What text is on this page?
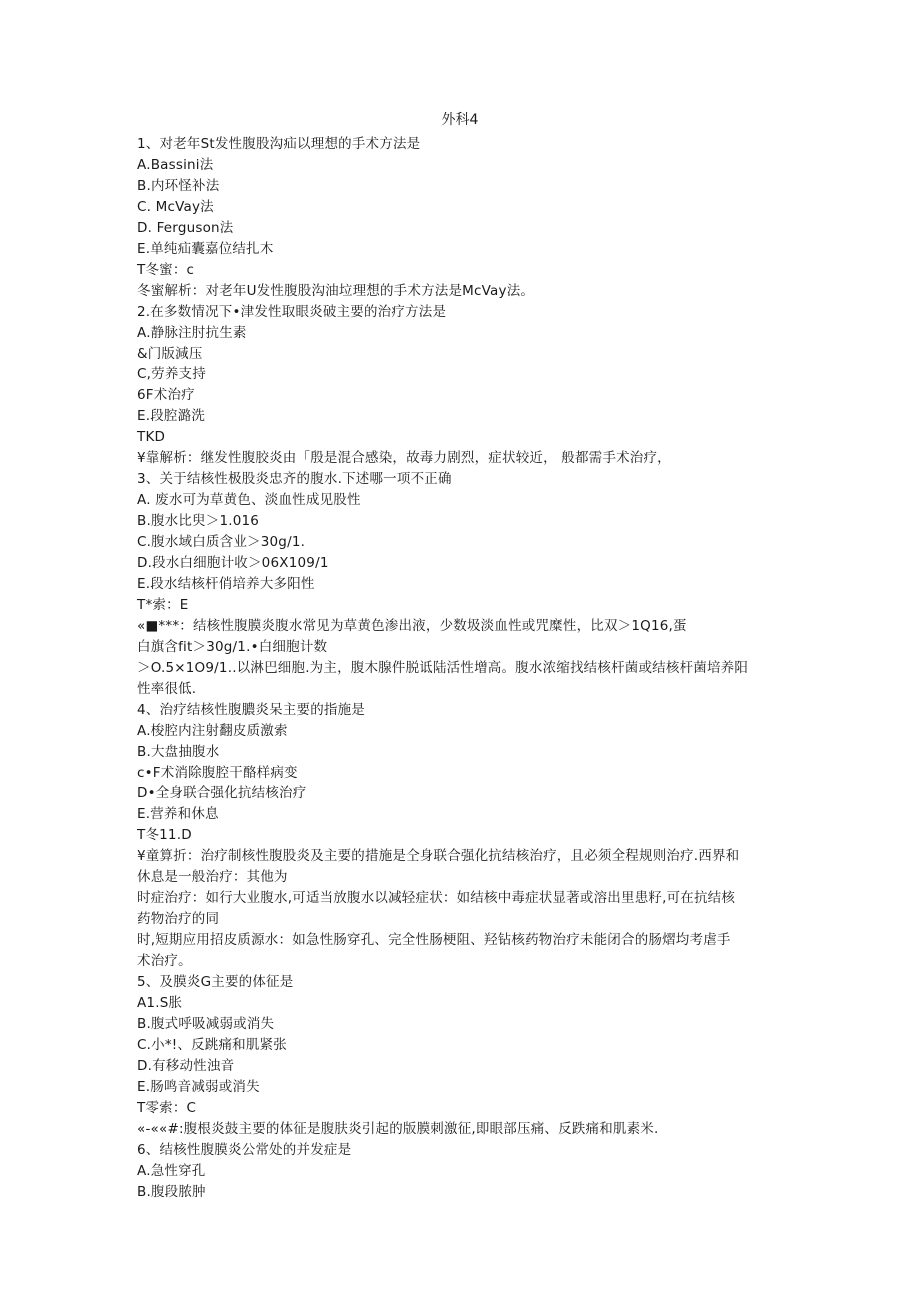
外科4
1、对老年St发性腹股沟疝以理想的手术方法是
A.Bassini法
B.内环怪补法
C. McVay法
D. Ferguson法
E.单纯疝囊嘉位结扎木
T冬蜜：c
冬蜜解析：对老年U发性腹股沟油垃理想的手术方法是McVay法。
2.在多数情况下•津发性取眼炎破主要的治疗方法是
A.静脉注肘抗生素
&门版減压
C,劳养支持
6F术治疗
E.段腔潞洗
TKD
¥靠解析：继发性腹胶炎由「殷是混合感染，故毒力剧烈，症状较近， 般都需手术治疗，
3、关于结核性极股炎忠齐的腹水.下述哪一项不正确
A. 废水可为草黄色、淡血性成见股性
B.腹水比臾＞1.016
C.腹水域白质含业＞30g∕1.
D.段水白细胞计收＞06X109/1
E.段水结核杆俏培养大多阳性
T*索：E
«■***：结核性腹膜炎腹水常见为草黄色渗出液，少数圾淡血性或咒糜性，比双＞1Q16,蛋
白旗含fit＞30g∕1.•白细胞计数
＞O.5×1O9∕1..以淋巴细胞.为主，腹木腺件脱诋陆活性增高。腹水浓缩找结核杆菌或结核杆菌培养阳
性率很低.
4、治疗结核性腹膿炎呆主要的指施是
A.梭腔内注射翻皮质激索
B.大盘抽腹水
c•F术消除腹腔干酪样病变
D•全身联合强化抗结核治疗
E.营养和休息
T冬11.D
¥童算折：治疗制核性腹股炎及主要的措施是仝身联合强化抗结核治疗，且必须全程规则治疗.西界和
休息是一般治疗：其他为
时症治疗：如行大业腹水,可适当放腹水以减轻症状：如结核中毒症状显著或溶出里患籽,可在抗结核
药物治疗的同
时,短期应用招皮质源水：如急性肠穿孔、完全性肠梗阻、羟钻核药物治疗未能闭合的肠熠均考虐手
术治疗。
5、及膜炎G主要的体征是
A1.S胀
B.腹式呼吸减弱或消失
C.小*!、反跳痛和肌紧张
D.有移动性浊音
E.肠鸣音减弱或消失
T零索：C
«-««#:腹根炎鼓主要的体征是腹肤炎引起的版膜刺激征,即眼部压痛、反跌痛和肌素米.
6、结核性腹膜炎公常处的并发症是
A.急性穿孔
B.腹段脓肿
